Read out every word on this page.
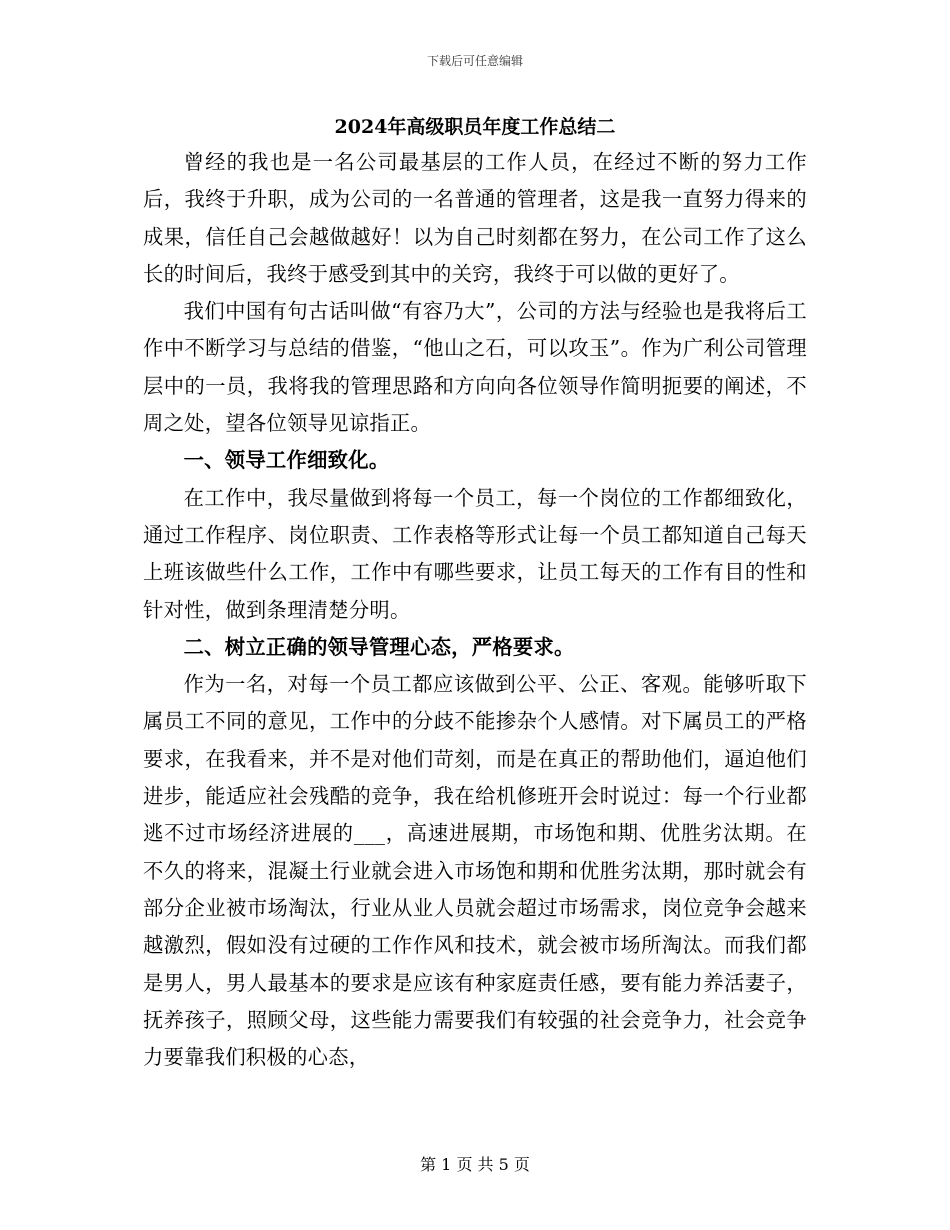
下载后可任意编辑
2024年高级职员年度工作总结二

曾经的我也是一名公司最基层的工作人员，在经过不断的努力工作后，我终于升职，成为公司的一名普通的管理者，这是我一直努力得来的成果，信任自己会越做越好！以为自己时刻都在努力，在公司工作了这么长的时间后，我终于感受到其中的关窍，我终于可以做的更好了。

我们中国有句古话叫做“有容乃大”，公司的方法与经验也是我将后工作中不断学习与总结的借鉴，“他山之石，可以攻玉”。作为广利公司管理层中的一员，我将我的管理思路和方向向各位领导作简明扼要的阐述，不周之处，望各位领导见谅指正。

一、领导工作细致化。

在工作中，我尽量做到将每一个员工，每一个岗位的工作都细致化，通过工作程序、岗位职责、工作表格等形式让每一个员工都知道自己每天上班该做些什么工作，工作中有哪些要求，让员工每天的工作有目的性和针对性，做到条理清楚分明。

二、树立正确的领导管理心态，严格要求。

作为一名，对每一个员工都应该做到公平、公正、客观。能够听取下属员工不同的意见，工作中的分歧不能掺杂个人感情。对下属员工的严格要求，在我看来，并不是对他们苛刻，而是在真正的帮助他们，逼迫他们进步，能适应社会残酷的竞争，我在给机修班开会时说过：每一个行业都逃不过市场经济进展的___，高速进展期，市场饱和期、优胜劣汰期。在不久的将来，混凝土行业就会进入市场饱和期和优胜劣汰期，那时就会有部分企业被市场淘汰，行业从业人员就会超过市场需求，岗位竞争会越来越激烈，假如没有过硬的工作作风和技术，就会被市场所淘汰。而我们都是男人，男人最基本的要求是应该有种家庭责任感，要有能力养活妻子，抚养孩子，照顾父母，这些能力需要我们有较强的社会竞争力，社会竞争力要靠我们积极的心态，

第 1 页 共 5 页
